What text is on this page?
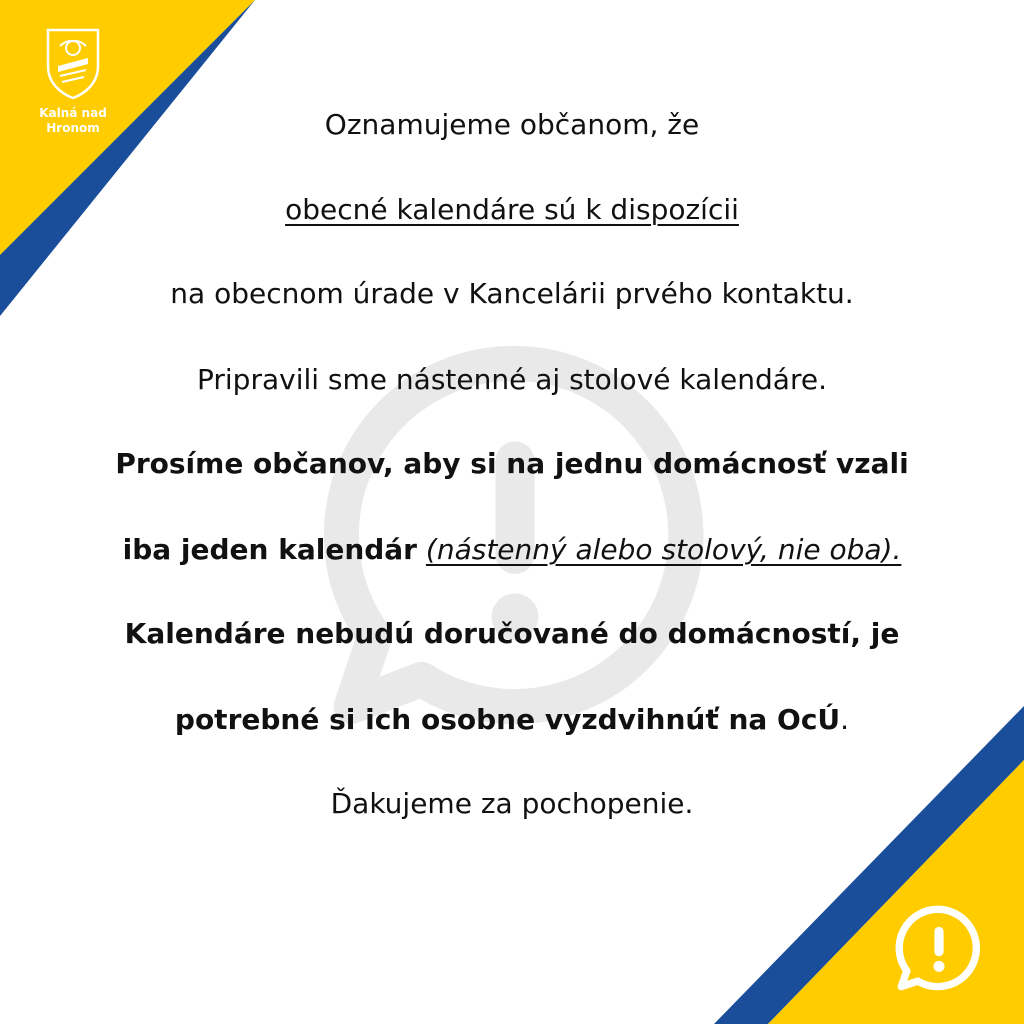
Kalná nad
Hronom	Oznamujeme občanom, že
obecné kalendáre sú k dispozícii
na obecnom úrade v Kancelárii prvého kontaktu.
Pripravili sme nástenné aj stolové kalendáre.
Prosíme občanov, aby si na jednu domácnosť vzali
iba jeden kalendár (nástenný alebo stolový, nie oba).
Kalendáre nebudú doručované do domácností, je
potrebné si ich osobne vyzdvihnúť na OcÚ.
Ďakujeme za pochopenie.
